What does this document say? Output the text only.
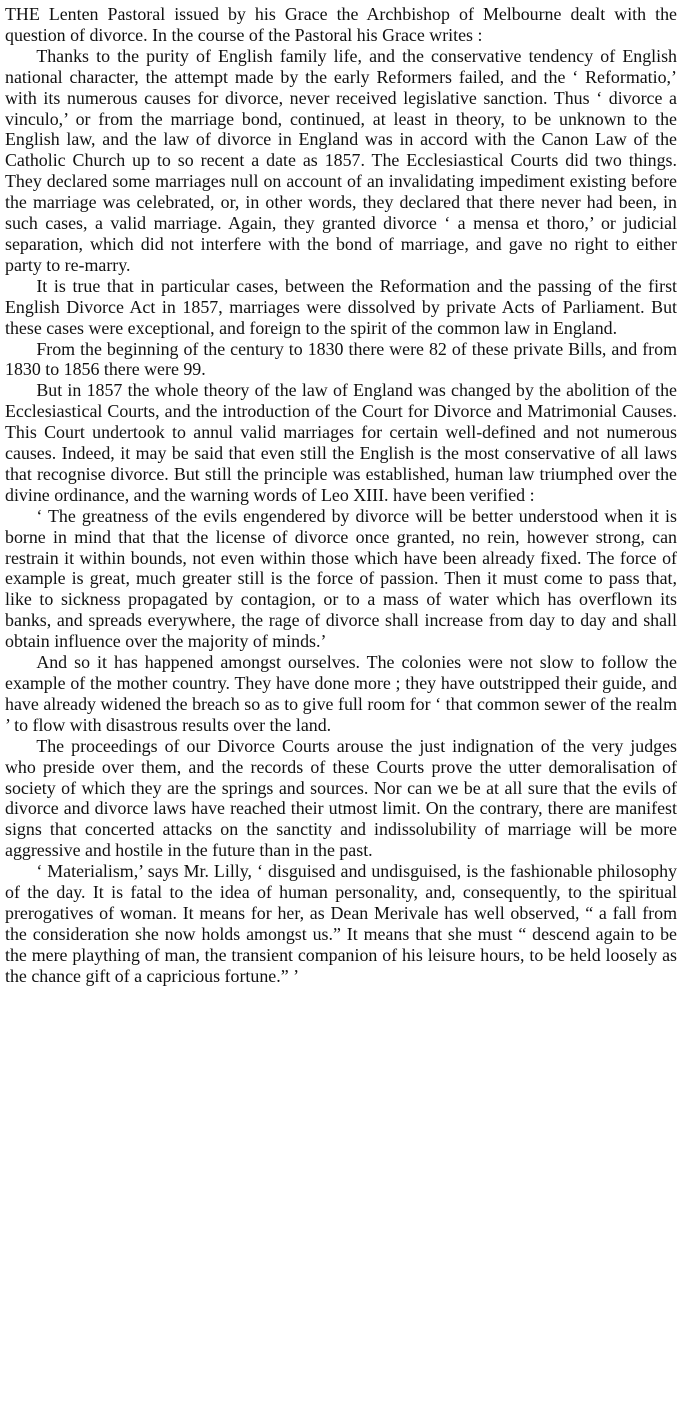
THE Lenten Pastoral issued by his Grace the Archbishop of Melbourne dealt with the question of divorce. In the course of the Pastoral his Grace writes :

Thanks to the purity of English family life, and the conservative tendency of English national character, the attempt made by the early Reformers failed, and the ‘ Reformatio,’ with its numerous causes for divorce, never received legislative sanction. Thus ‘ divorce a vinculo,’ or from the marriage bond, continued, at least in theory, to be unknown to the English law, and the law of divorce in England was in accord with the Canon Law of the Catholic Church up to so recent a date as 1857. The Ecclesiastical Courts did two things. They declared some marriages null on account of an invalidating impediment existing before the marriage was celebrated, or, in other words, they declared that there never had been, in such cases, a valid marriage. Again, they granted divorce ‘ a mensa et thoro,’ or judicial separation, which did not interfere with the bond of marriage, and gave no right to either party to re-marry.

It is true that in particular cases, between the Reformation and the passing of the first English Divorce Act in 1857, marriages were dissolved by private Acts of Parliament. But these cases were exceptional, and foreign to the spirit of the common law in England.

From the beginning of the century to 1830 there were 82 of these private Bills, and from 1830 to 1856 there were 99.

But in 1857 the whole theory of the law of England was changed by the abolition of the Ecclesiastical Courts, and the introduction of the Court for Divorce and Matrimonial Causes. This Court undertook to annul valid marriages for certain well-defined and not numerous causes. Indeed, it may be said that even still the English is the most conservative of all laws that recognise divorce. But still the principle was established, human law triumphed over the divine ordinance, and the warning words of Leo XIII. have been verified :

‘ The greatness of the evils engendered by divorce will be better understood when it is borne in mind that that the license of divorce once granted, no rein, however strong, can restrain it within bounds, not even within those which have been already fixed. The force of example is great, much greater still is the force of passion. Then it must come to pass that, like to sickness propagated by contagion, or to a mass of water which has overflown its banks, and spreads everywhere, the rage of divorce shall increase from day to day and shall obtain influence over the majority of minds.’

And so it has happened amongst ourselves. The colonies were not slow to follow the example of the mother country. They have done more ; they have outstripped their guide, and have already widened the breach so as to give full room for ‘ that common sewer of the realm ’ to flow with disastrous results over the land.

The proceedings of our Divorce Courts arouse the just indignation of the very judges who preside over them, and the records of these Courts prove the utter demoralisation of society of which they are the springs and sources. Nor can we be at all sure that the evils of divorce and divorce laws have reached their utmost limit. On the contrary, there are manifest signs that concerted attacks on the sanctity and indissolubility of marriage will be more aggressive and hostile in the future than in the past.

‘ Materialism,’ says Mr. Lilly, ‘ disguised and undisguised, is the fashionable philosophy of the day. It is fatal to the idea of human personality, and, consequently, to the spiritual prerogatives of woman. It means for her, as Dean Merivale has well observed, “ a fall from the consideration she now holds amongst us.” It means that she must “ descend again to be the mere plaything of man, the transient companion of his leisure hours, to be held loosely as the chance gift of a capricious fortune.” ’
